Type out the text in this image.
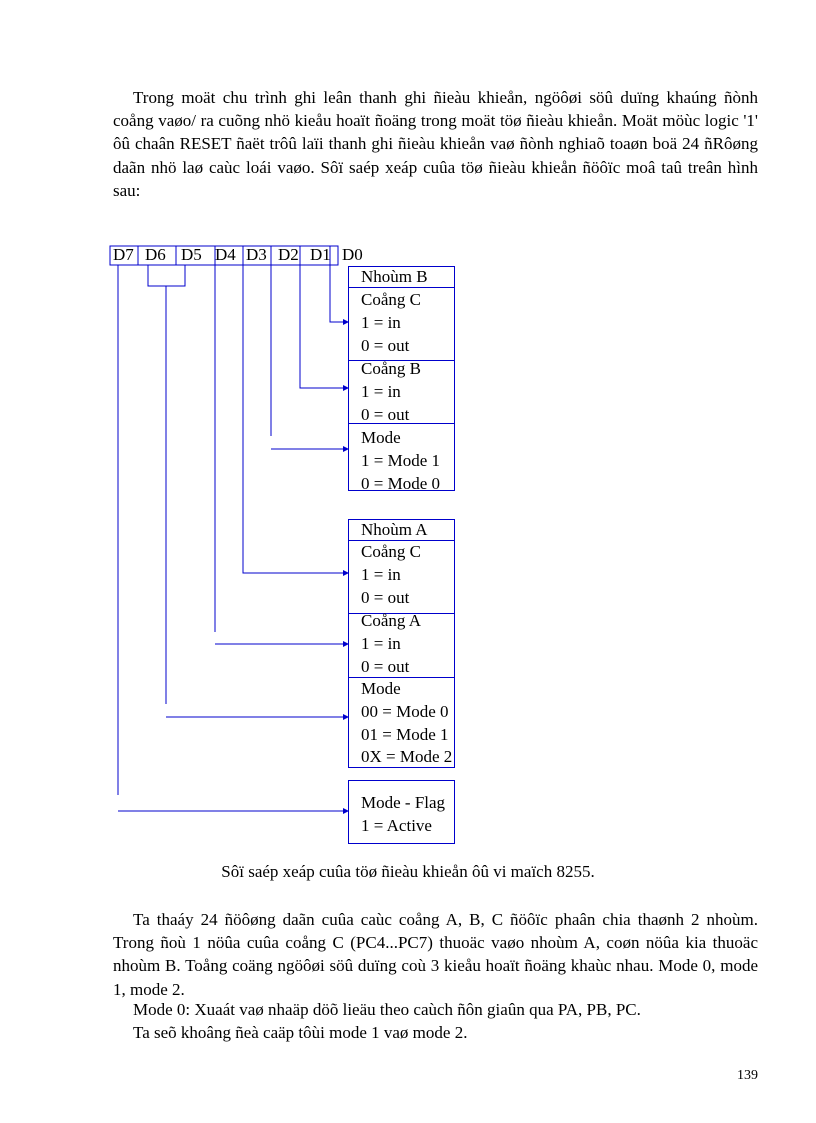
Trong moät chu trình ghi leân thanh ghi ñieàu khieån, ngöôøi söû duïng khaúng ñònh coång vaøo/ ra cuõng nhö kieåu hoaït ñoäng trong moät töø ñieàu khieån. Moät möùc logic '1' ôû chaân RESET ñaët trôû laïi thanh ghi ñieàu khieån vaø ñònh nghiaõ toaøn boä 24 ñRôøng daãn nhö laø caùc loái vaøo. Sôï saép xeáp cuûa töø ñieàu khieån ñöôïc moâ taû treân hình sau:

D7 D6 D5 D4 D3 D2 D1 D0
Nhoùm B
Coång C
1 = in
0 = out
Coång B
1 = in
0 = out
Mode
1 = Mode 1
0 = Mode 0
Nhoùm A
Coång C
1 = in
0 = out
Coång A
1 = in
0 = out
Mode
00 = Mode 0
01 = Mode 1
0X = Mode 2
Mode - Flag
1 = Active
Sôï saép xeáp cuûa töø ñieàu khieån ôû vi maïch 8255.

Ta thaáy 24 ñöôøng daãn cuûa caùc coång A, B, C ñöôïc phaân chia thaønh 2 nhoùm. Trong ñoù 1 nöûa cuûa coång C (PC4...PC7) thuoäc vaøo nhoùm A, coøn nöûa kia thuoäc nhoùm B. Toång coäng ngöôøi söû duïng coù 3 kieåu hoaït ñoäng khaùc nhau. Mode 0, mode 1, mode 2.

Mode 0: Xuaát vaø nhaäp döõ lieäu theo caùch ñôn giaûn qua PA, PB, PC.
Ta seõ khoâng ñeà caäp tôùi mode 1 vaø mode 2.
139
